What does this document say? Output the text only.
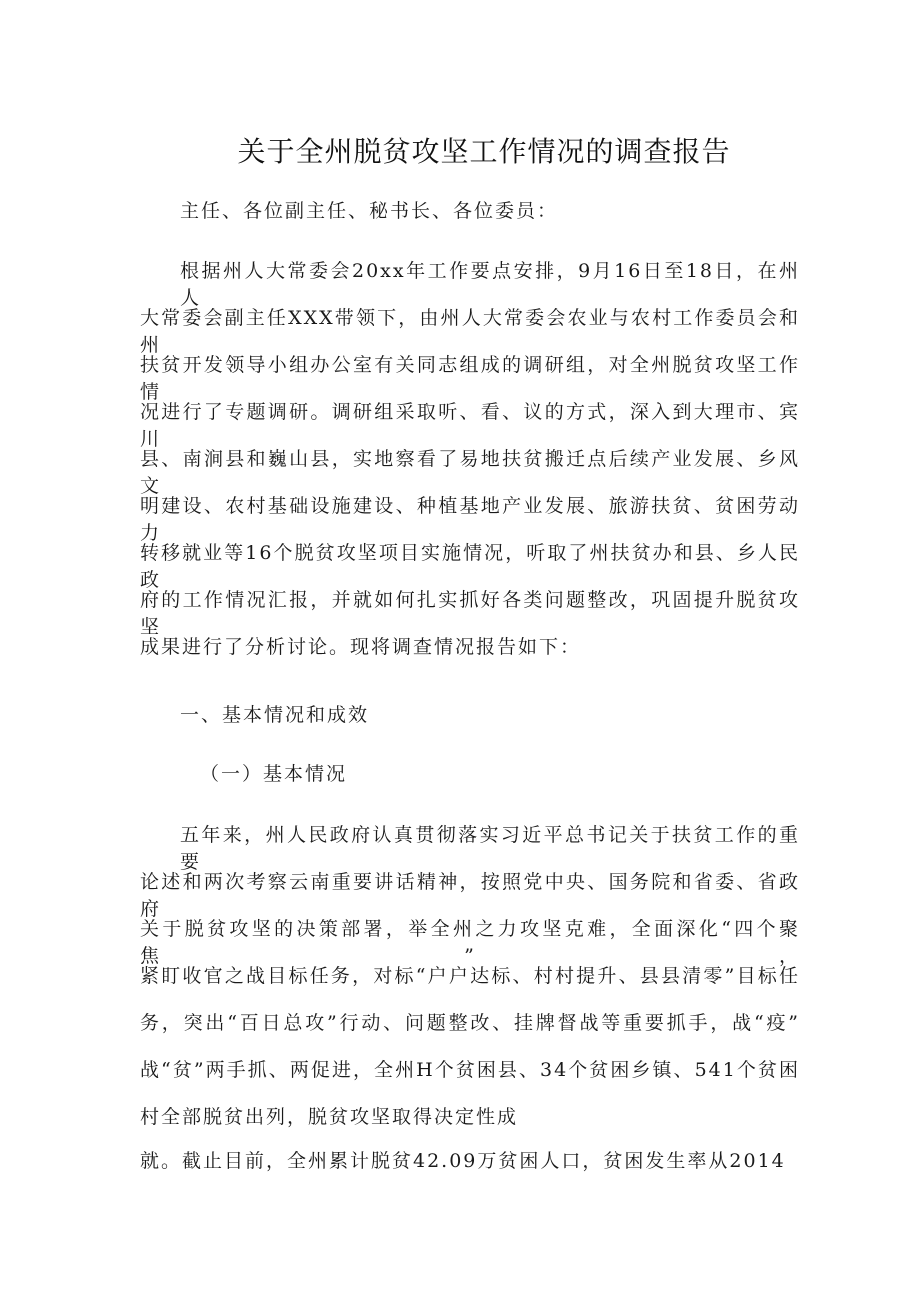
关于全州脱贫攻坚工作情况的调查报告
主任、各位副主任、秘书长、各位委员：
根据州人大常委会20xx年工作要点安排，9月16日至18日，在州人
大常委会副主任XXX带领下，由州人大常委会农业与农村工作委员会和州
扶贫开发领导小组办公室有关同志组成的调研组，对全州脱贫攻坚工作情
况进行了专题调研。调研组采取听、看、议的方式，深入到大理市、宾川
县、南涧县和巍山县，实地察看了易地扶贫搬迁点后续产业发展、乡风文
明建设、农村基础设施建设、种植基地产业发展、旅游扶贫、贫困劳动力
转移就业等16个脱贫攻坚项目实施情况，听取了州扶贫办和县、乡人民政
府的工作情况汇报，并就如何扎实抓好各类问题整改，巩固提升脱贫攻坚
成果进行了分析讨论。现将调查情况报告如下：
一、基本情况和成效
（一）基本情况
五年来，州人民政府认真贯彻落实习近平总书记关于扶贫工作的重要
论述和两次考察云南重要讲话精神，按照党中央、国务院和省委、省政府
关于脱贫攻坚的决策部署，举全州之力攻坚克难，全面深化“四个聚焦”，
紧盯收官之战目标任务，对标“户户达标、村村提升、县县清零”目标任
务，突出“百日总攻”行动、问题整改、挂牌督战等重要抓手，战“疫”
战“贫”两手抓、两促进，全州H个贫困县、34个贫困乡镇、541个贫困
村全部脱贫出列，脱贫攻坚取得决定性成
就。截止目前，全州累计脱贫42.09万贫困人口，贫困发生率从2014
